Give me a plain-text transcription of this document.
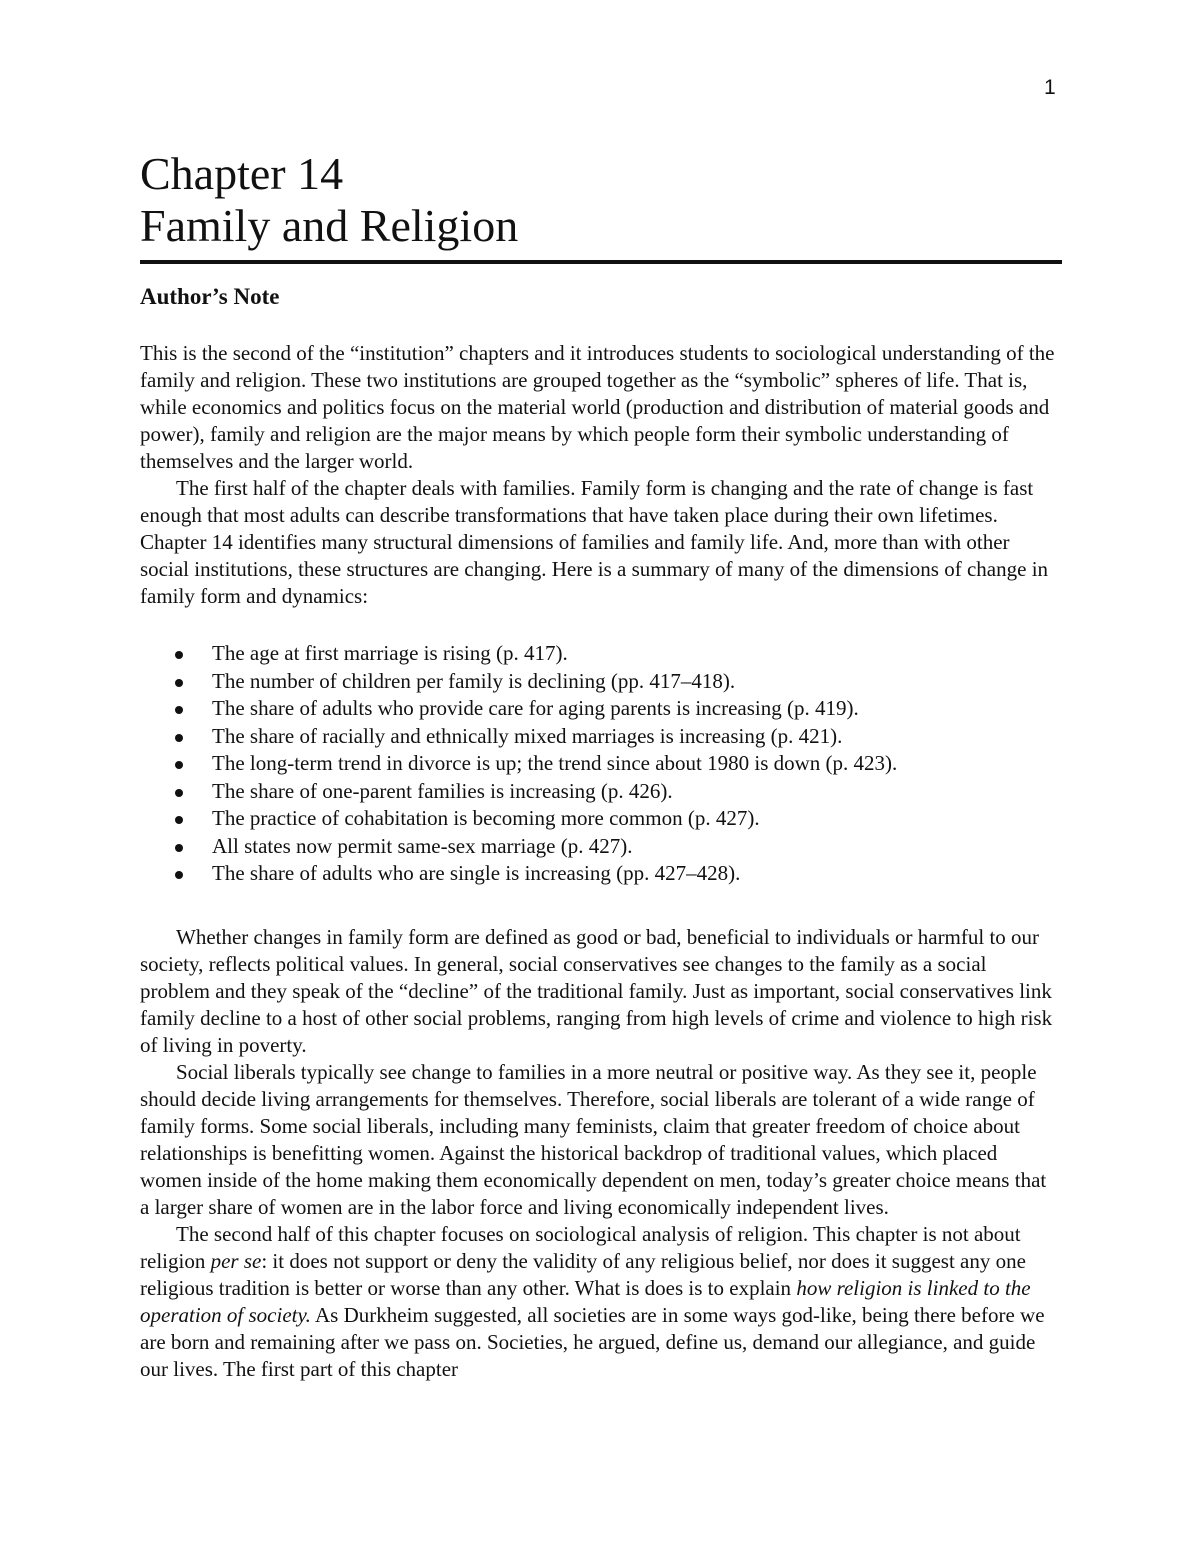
1
Chapter 14
Family and Religion
Author’s Note

This is the second of the “institution” chapters and it introduces students to sociological understanding of the family and religion. These two institutions are grouped together as the “symbolic” spheres of life. That is, while economics and politics focus on the material world (production and distribution of material goods and power), family and religion are the major means by which people form their symbolic understanding of themselves and the larger world.

The first half of the chapter deals with families. Family form is changing and the rate of change is fast enough that most adults can describe transformations that have taken place during their own lifetimes. Chapter 14 identifies many structural dimensions of families and family life. And, more than with other social institutions, these structures are changing. Here is a summary of many of the dimensions of change in family form and dynamics:

The age at first marriage is rising (p. 417).
The number of children per family is declining (pp. 417–418).
The share of adults who provide care for aging parents is increasing (p. 419).
The share of racially and ethnically mixed marriages is increasing (p. 421).
The long-term trend in divorce is up; the trend since about 1980 is down (p. 423).
The share of one-parent families is increasing (p. 426).
The practice of cohabitation is becoming more common (p. 427).
All states now permit same-sex marriage (p. 427).
The share of adults who are single is increasing (pp. 427–428).

Whether changes in family form are defined as good or bad, beneficial to individuals or harmful to our society, reflects political values. In general, social conservatives see changes to the family as a social problem and they speak of the “decline” of the traditional family. Just as important, social conservatives link family decline to a host of other social problems, ranging from high levels of crime and violence to high risk of living in poverty.

Social liberals typically see change to families in a more neutral or positive way. As they see it, people should decide living arrangements for themselves. Therefore, social liberals are tolerant of a wide range of family forms. Some social liberals, including many feminists, claim that greater freedom of choice about relationships is benefitting women. Against the historical backdrop of traditional values, which placed women inside of the home making them economically dependent on men, today’s greater choice means that a larger share of women are in the labor force and living economically independent lives.

The second half of this chapter focuses on sociological analysis of religion. This chapter is not about religion per se: it does not support or deny the validity of any religious belief, nor does it suggest any one religious tradition is better or worse than any other. What is does is to explain how religion is linked to the operation of society. As Durkheim suggested, all societies are in some ways god-like, being there before we are born and remaining after we pass on. Societies, he argued, define us, demand our allegiance, and guide our lives. The first part of this chapter
